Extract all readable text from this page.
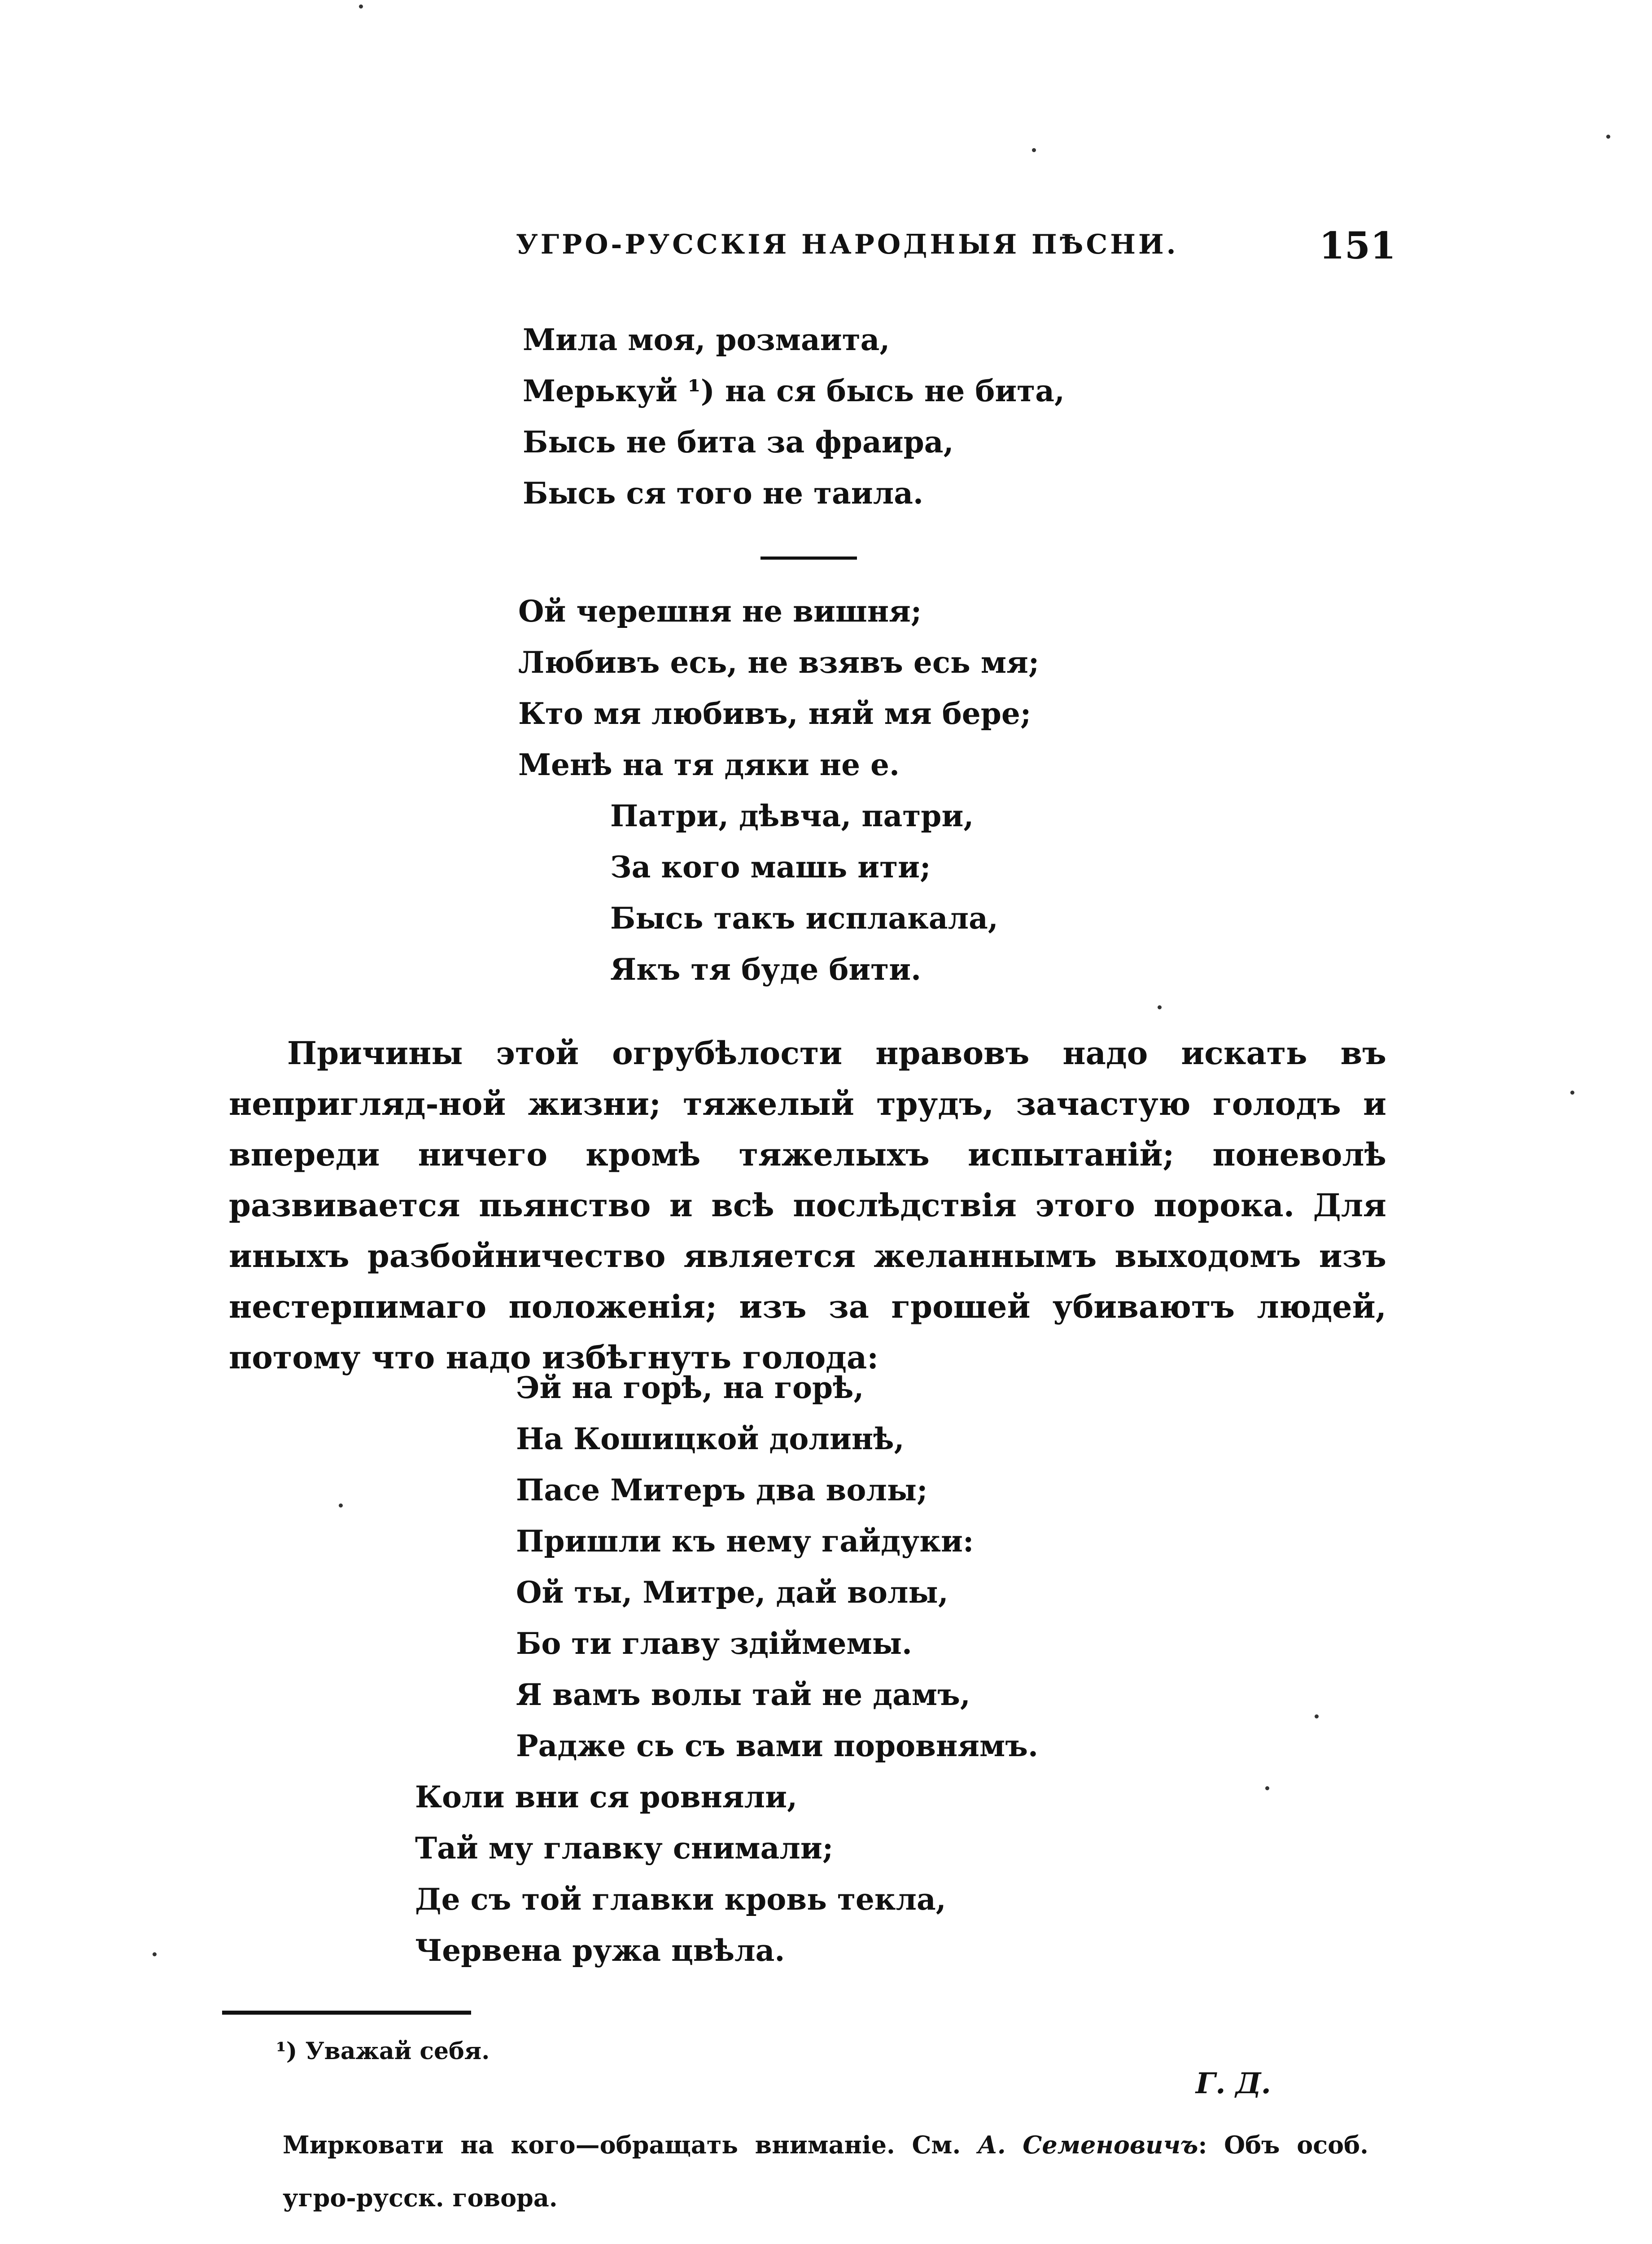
УГРО-РУССКІЯ НАРОДНЫЯ ПѢСНИ.	151
Мила моя, розмаита,
Мерькуй ¹) на ся бысь не бита,
Бысь не бита за фраира,
Бысь ся того не таила.
Ой черешня не вишня;
Любивъ есь, не взявъ есь мя;
Кто мя любивъ, няй мя бере;
Менѣ на тя дяки не е.
Патри, дѣвча, патри,
За кого машь ити;
Бысь такъ исплакала,
Якъ тя буде бити.
Причины этой огрубѣлости нравовъ надо искать въ непригляд-ной жизни; тяжелый трудъ, зачастую голодъ и впереди ничего кромѣ тяжелыхъ испытаній; поневолѣ развивается пьянство и всѣ послѣдствія этого порока. Для иныхъ разбойничество является желаннымъ выходомъ изъ нестерпимаго положенія; изъ за грошей убиваютъ людей, потому что надо избѣгнуть голода:
Эй на горѣ, на горѣ,
На Кошицкой долинѣ,
Пасе Митеръ два волы;
Пришли къ нему гайдуки:
Ой ты, Митре, дай волы,
Бо ти главу здіймемы.
Я вамъ волы тай не дамъ,
Радже сь съ вами поровнямъ.
Коли вни ся ровняли,
Тай му главку снимали;
Де съ той главки кровь текла,
Червена ружа цвѣла.
¹) Уважай себя.
Г. Д.
Мирковати на кого—обращать вниманіе. См. А. Семеновичъ: Объ особ. угро-русск. говора.
